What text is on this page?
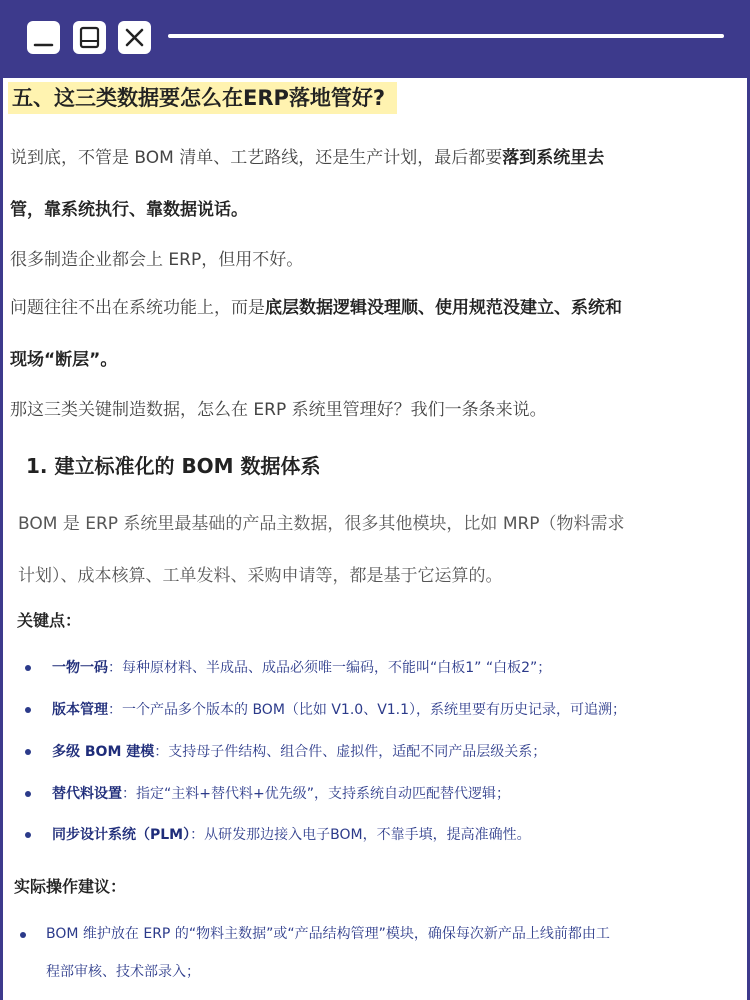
五、这三类数据要怎么在ERP落地管好?
说到底，不管是 BOM 清单、工艺路线，还是生产计划，最后都要落到系统里去
管，靠系统执行、靠数据说话。
很多制造企业都会上 ERP，但用不好。
问题往往不出在系统功能上，而是底层数据逻辑没理顺、使用规范没建立、系统和
现场“断层”。
那这三类关键制造数据，怎么在 ERP 系统里管理好？我们一条条来说。
1. 建立标准化的 BOM 数据体系
BOM 是 ERP 系统里最基础的产品主数据，很多其他模块，比如 MRP（物料需求
计划）、成本核算、工单发料、采购申请等，都是基于它运算的。
关键点：
一物一码：每种原材料、半成品、成品必须唯一编码，不能叫“白板1” “白板2”；
版本管理：一个产品多个版本的 BOM（比如 V1.0、V1.1），系统里要有历史记录，可追溯；
多级 BOM 建模：支持母子件结构、组合件、虚拟件，适配不同产品层级关系；
替代料设置：指定“主料+替代料+优先级”，支持系统自动匹配替代逻辑；
同步设计系统（PLM）：从研发那边接入电子BOM，不靠手填，提高准确性。
实际操作建议：
BOM 维护放在 ERP 的“物料主数据”或“产品结构管理”模块，确保每次新产品上线前都由工
程部审核、技术部录入；
